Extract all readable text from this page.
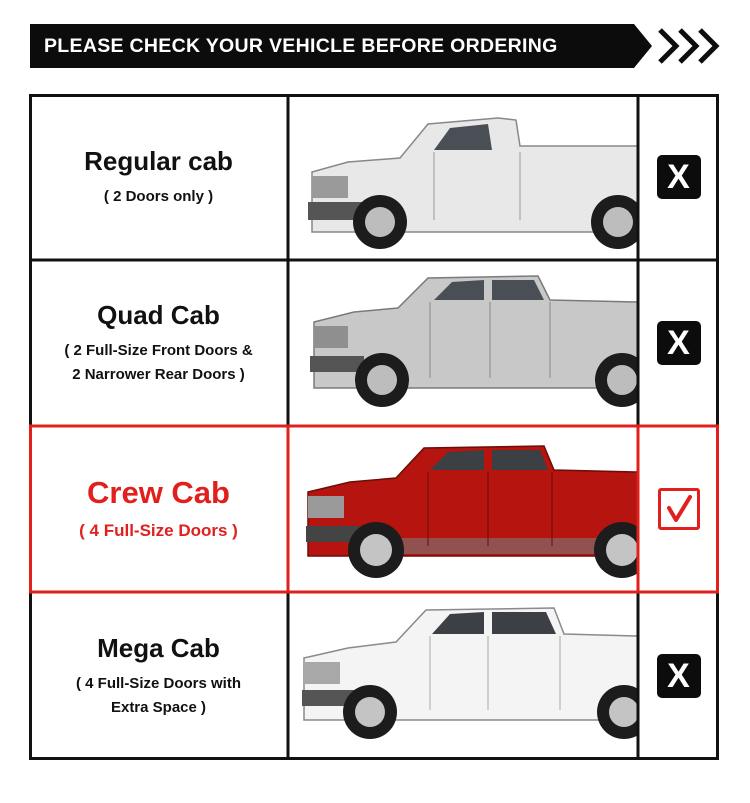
PLEASE CHECK YOUR VEHICLE BEFORE ORDERING
Regular cab
( 2 Doors only )	X
Quad Cab
( 2 Full-Size Front Doors &
2 Narrower Rear Doors )
X
Crew Cab
( 4 Full-Size Doors )
Mega Cab
( 4 Full-Size Doors with
Extra Space )
X
